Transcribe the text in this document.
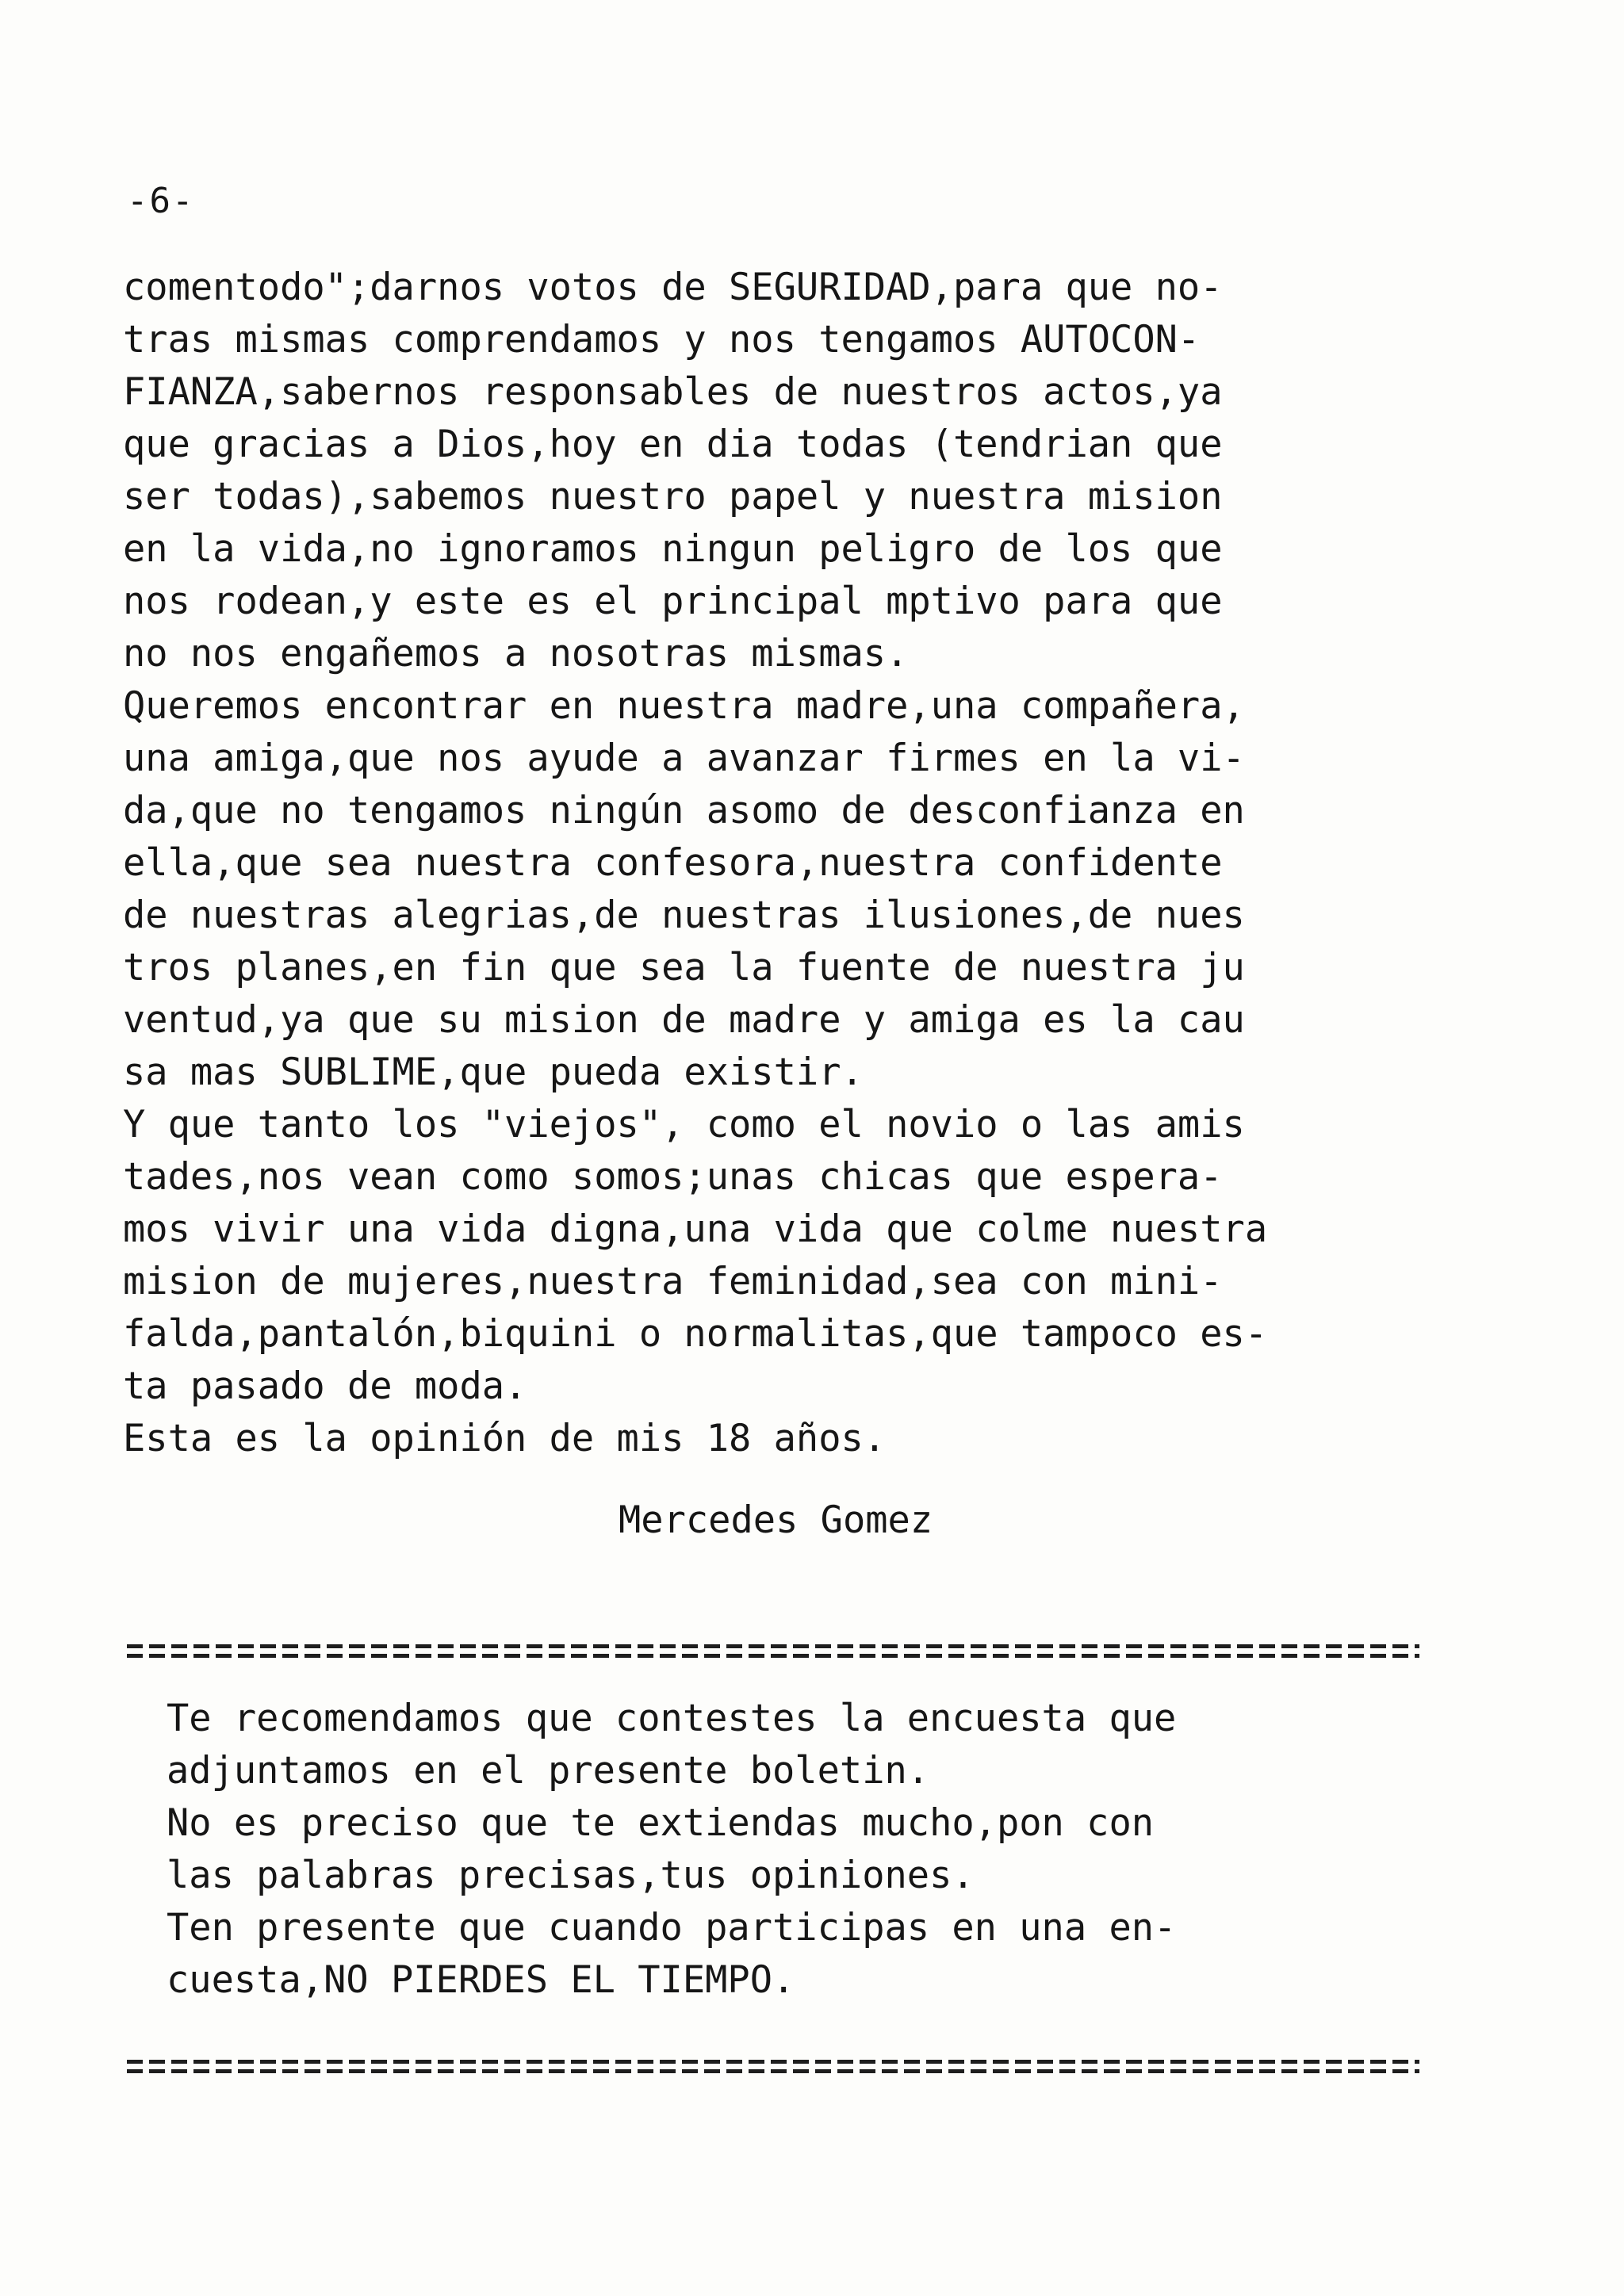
-6-
comentodo";darnos votos de SEGURIDAD,para que no-
tras mismas comprendamos y nos tengamos AUTOCON-
FIANZA,sabernos responsables de nuestros actos,ya
que gracias a Dios,hoy en dia todas (tendrian que
ser todas),sabemos nuestro papel y nuestra mision
en la vida,no ignoramos ningun peligro de los que
nos rodean,y este es el principal mptivo para que
no nos engañemos a nosotras mismas.
Queremos encontrar en nuestra madre,una compañera,
una amiga,que nos ayude a avanzar firmes en la vi-
da,que no tengamos ningún asomo de desconfianza en
ella,que sea nuestra confesora,nuestra confidente
de nuestras alegrias,de nuestras ilusiones,de nues
tros planes,en fin que sea la fuente de nuestra ju
ventud,ya que su mision de madre y amiga es la cau
sa mas SUBLIME,que pueda existir.
Y que tanto los "viejos", como el novio o las amis
tades,nos vean como somos;unas chicas que espera-
mos vivir una vida digna,una vida que colme nuestra
mision de mujeres,nuestra feminidad,sea con mini-
falda,pantalón,biquini o normalitas,que tampoco es-
ta pasado de moda.
Esta es la opinión de mis 18 años.
Mercedes Gomez
Te recomendamos que contestes la encuesta que
adjuntamos en el presente boletin.
No es preciso que te extiendas mucho,pon con
las palabras precisas,tus opiniones.
Ten presente que cuando participas en una en-
cuesta,NO PIERDES EL TIEMPO.
